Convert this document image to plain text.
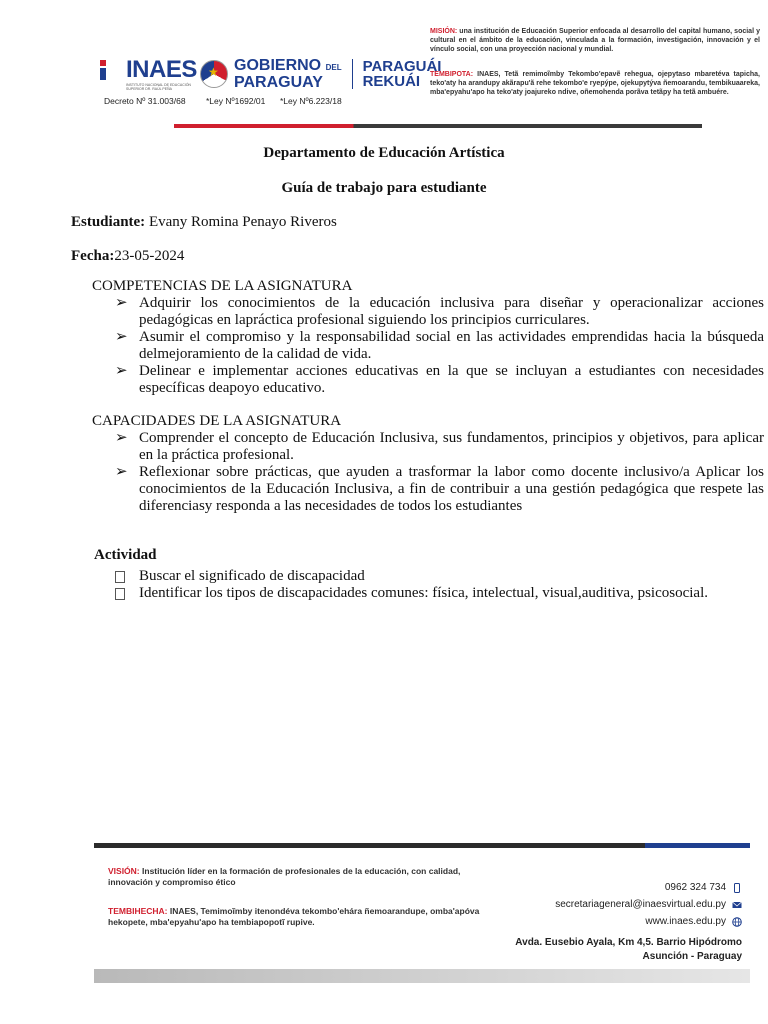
INAES
INSTITUTO NACIONAL DE EDUCACIÓN SUPERIOR DR. RAÚL PEÑA
★
GOBIERNO DEL
PARAGUAY
PARAGUÁI
REKUÁI
Decreto Nº 31.003/68	*Ley Nº1692/01	*Ley Nº6.223/18
MISIÓN: una institución de Educación Superior enfocada al desarrollo del capital humano, social y cultural en el ámbito de la educación, vinculada a la formación, investigación, innovación y el vínculo social, con una proyección nacional y mundial.
TEMBIPOTA: INAES, Tetã remimoĩmby Tekombo'epavẽ rehegua, ojepytaso mbaretéva tapicha, teko'aty ha arandupy akãrapu'ã rehe tekombo'e ryepýpe, ojekupytýva ñemoarandu, tembikuaareka, mba'epyahu'apo ha teko'aty joajureko ndive, oñemohenda porãva tetãpy ha tetã ambuére.
Departamento de Educación Artística
Guía de trabajo para estudiante
Estudiante: Evany Romina Penayo Riveros
Fecha:23-05-2024
COMPETENCIAS DE LA ASIGNATURA
➢ Adquirir los conocimientos de la educación inclusiva para diseñar y operacionalizar acciones pedagógicas en lapráctica profesional siguiendo los principios curriculares.
➢ Asumir el compromiso y la responsabilidad social en las actividades emprendidas hacia la búsqueda delmejoramiento de la calidad de vida.
➢ Delinear e implementar acciones educativas en la que se incluyan a estudiantes con necesidades específicas deapoyo educativo.
CAPACIDADES DE LA ASIGNATURA
➢ Comprender el concepto de Educación Inclusiva, sus fundamentos, principios y objetivos, para aplicar en la práctica profesional.
➢ Reflexionar sobre prácticas, que ayuden a trasformar la labor como docente inclusivo/a Aplicar los conocimientos de la Educación Inclusiva, a fin de contribuir a una gestión pedagógica que respete las diferenciasy responda a las necesidades de todos los estudiantes
Actividad
Buscar el significado de discapacidad
Identificar los tipos de discapacidades comunes: física, intelectual, visual,auditiva, psicosocial.
VISIÓN: Institución líder en la formación de profesionales de la educación, con calidad, innovación y compromiso ético
TEMBIHECHA: INAES, Temimoĩmby itenondéva tekombo'ehára ñemoarandupe, omba'apóva hekopete, mba'epyahu'apo ha tembiapopotĩ rupive.
0962 324 734
secretariageneral@inaesvirtual.edu.py
www.inaes.edu.py
Avda. Eusebio Ayala, Km 4,5. Barrio Hipódromo
Asunción - Paraguay
